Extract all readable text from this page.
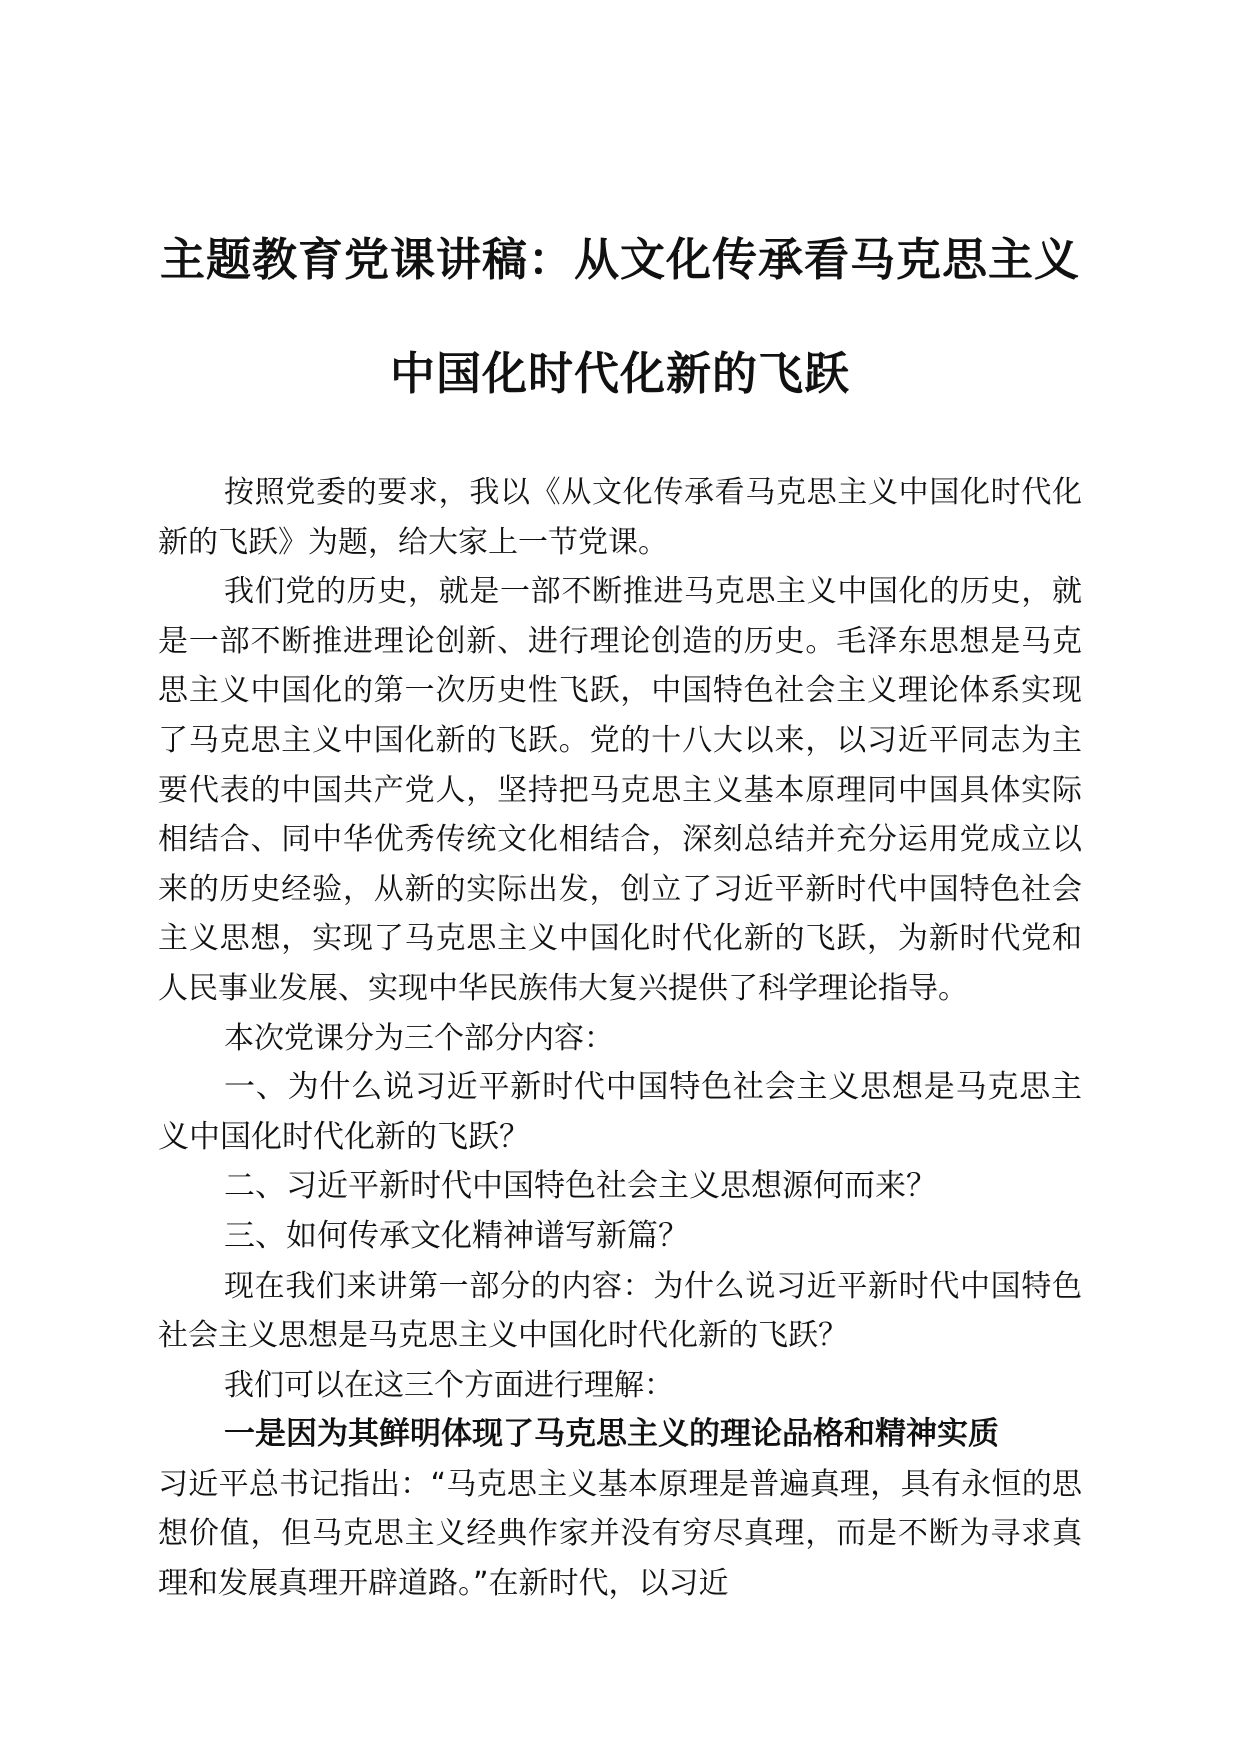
主题教育党课讲稿：从文化传承看马克思主义
中国化时代化新的飞跃

按照党委的要求，我以《从文化传承看马克思主义中国化时代化新的飞跃》为题，给大家上一节党课。

我们党的历史，就是一部不断推进马克思主义中国化的历史，就是一部不断推进理论创新、进行理论创造的历史。毛泽东思想是马克思主义中国化的第一次历史性飞跃，中国特色社会主义理论体系实现了马克思主义中国化新的飞跃。党的十八大以来，以习近平同志为主要代表的中国共产党人，坚持把马克思主义基本原理同中国具体实际相结合、同中华优秀传统文化相结合，深刻总结并充分运用党成立以来的历史经验，从新的实际出发，创立了习近平新时代中国特色社会主义思想，实现了马克思主义中国化时代化新的飞跃，为新时代党和人民事业发展、实现中华民族伟大复兴提供了科学理论指导。

本次党课分为三个部分内容：

一、为什么说习近平新时代中国特色社会主义思想是马克思主义中国化时代化新的飞跃？

二、习近平新时代中国特色社会主义思想源何而来？

三、如何传承文化精神谱写新篇？

现在我们来讲第一部分的内容：为什么说习近平新时代中国特色社会主义思想是马克思主义中国化时代化新的飞跃？

我们可以在这三个方面进行理解：

一是因为其鲜明体现了马克思主义的理论品格和精神实质

习近平总书记指出：“马克思主义基本原理是普遍真理，具有永恒的思想价值，但马克思主义经典作家并没有穷尽真理，而是不断为寻求真理和发展真理开辟道路。”在新时代，以习近
